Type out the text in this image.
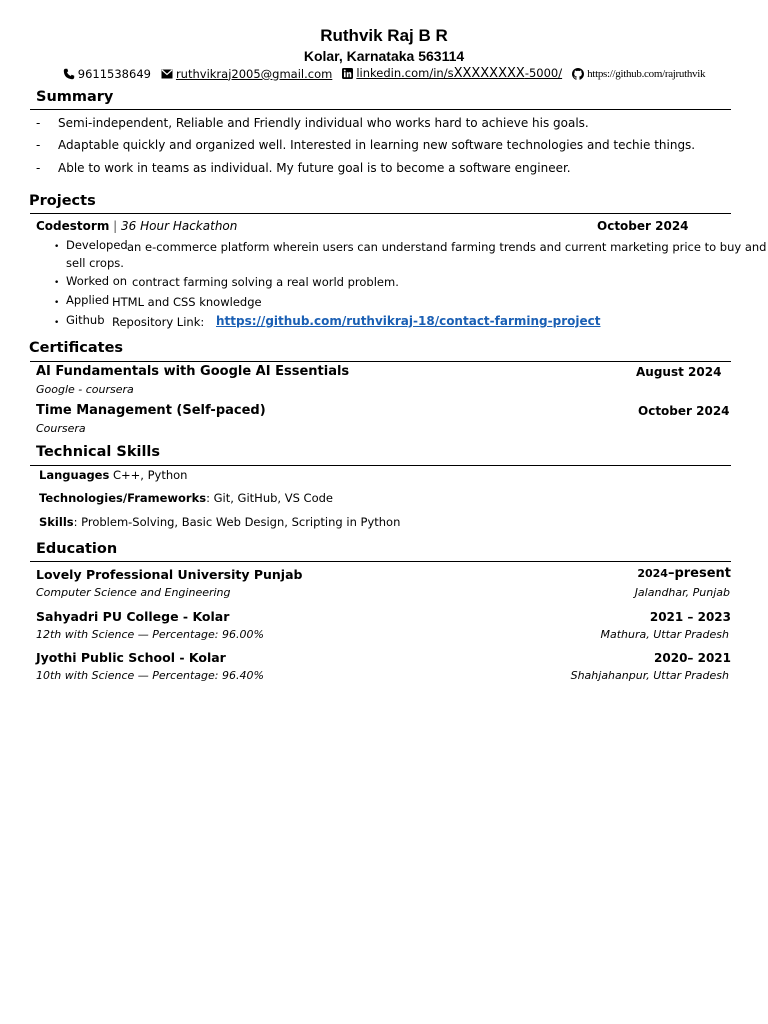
Ruthvik Raj B R
Kolar, Karnataka 563114
9611538649 ruthvikraj2005@gmail.com linkedin.com/in/sXXXXXXXX-5000/ https://github.com/rajruthvik
Summary
- Semi-independent, Reliable and Friendly individual who works hard to achieve his goals.
- Adaptable quickly and organized well. Interested in learning new software technologies and techie things.
- Able to work in teams as individual. My future goal is to become a software engineer.
Projects
Codestorm | 36 Hour Hackathon	October 2024
• Developed an e-commerce platform wherein users can understand farming trends and current marketing price to buy and
sell crops.
• Worked on contract farming solving a real world problem.
• Applied HTML and CSS knowledge
• Github Repository Link: https://github.com/ruthvikraj-18/contact-farming-project
Certificates
AI Fundamentals with Google AI Essentials	August 2024
Google - coursera
Time Management (Self-paced)	October 2024
Coursera
Technical Skills
Languages C++, Python
Technologies/Frameworks: Git, GitHub, VS Code
Skills: Problem-Solving, Basic Web Design, Scripting in Python
Education
Lovely Professional University Punjab	2024–present
Computer Science and Engineering	Jalandhar, Punjab
Sahyadri PU College - Kolar	2021 – 2023
12th with Science — Percentage: 96.00%	Mathura, Uttar Pradesh
Jyothi Public School - Kolar	2020– 2021
10th with Science — Percentage: 96.40%	Shahjahanpur, Uttar Pradesh
